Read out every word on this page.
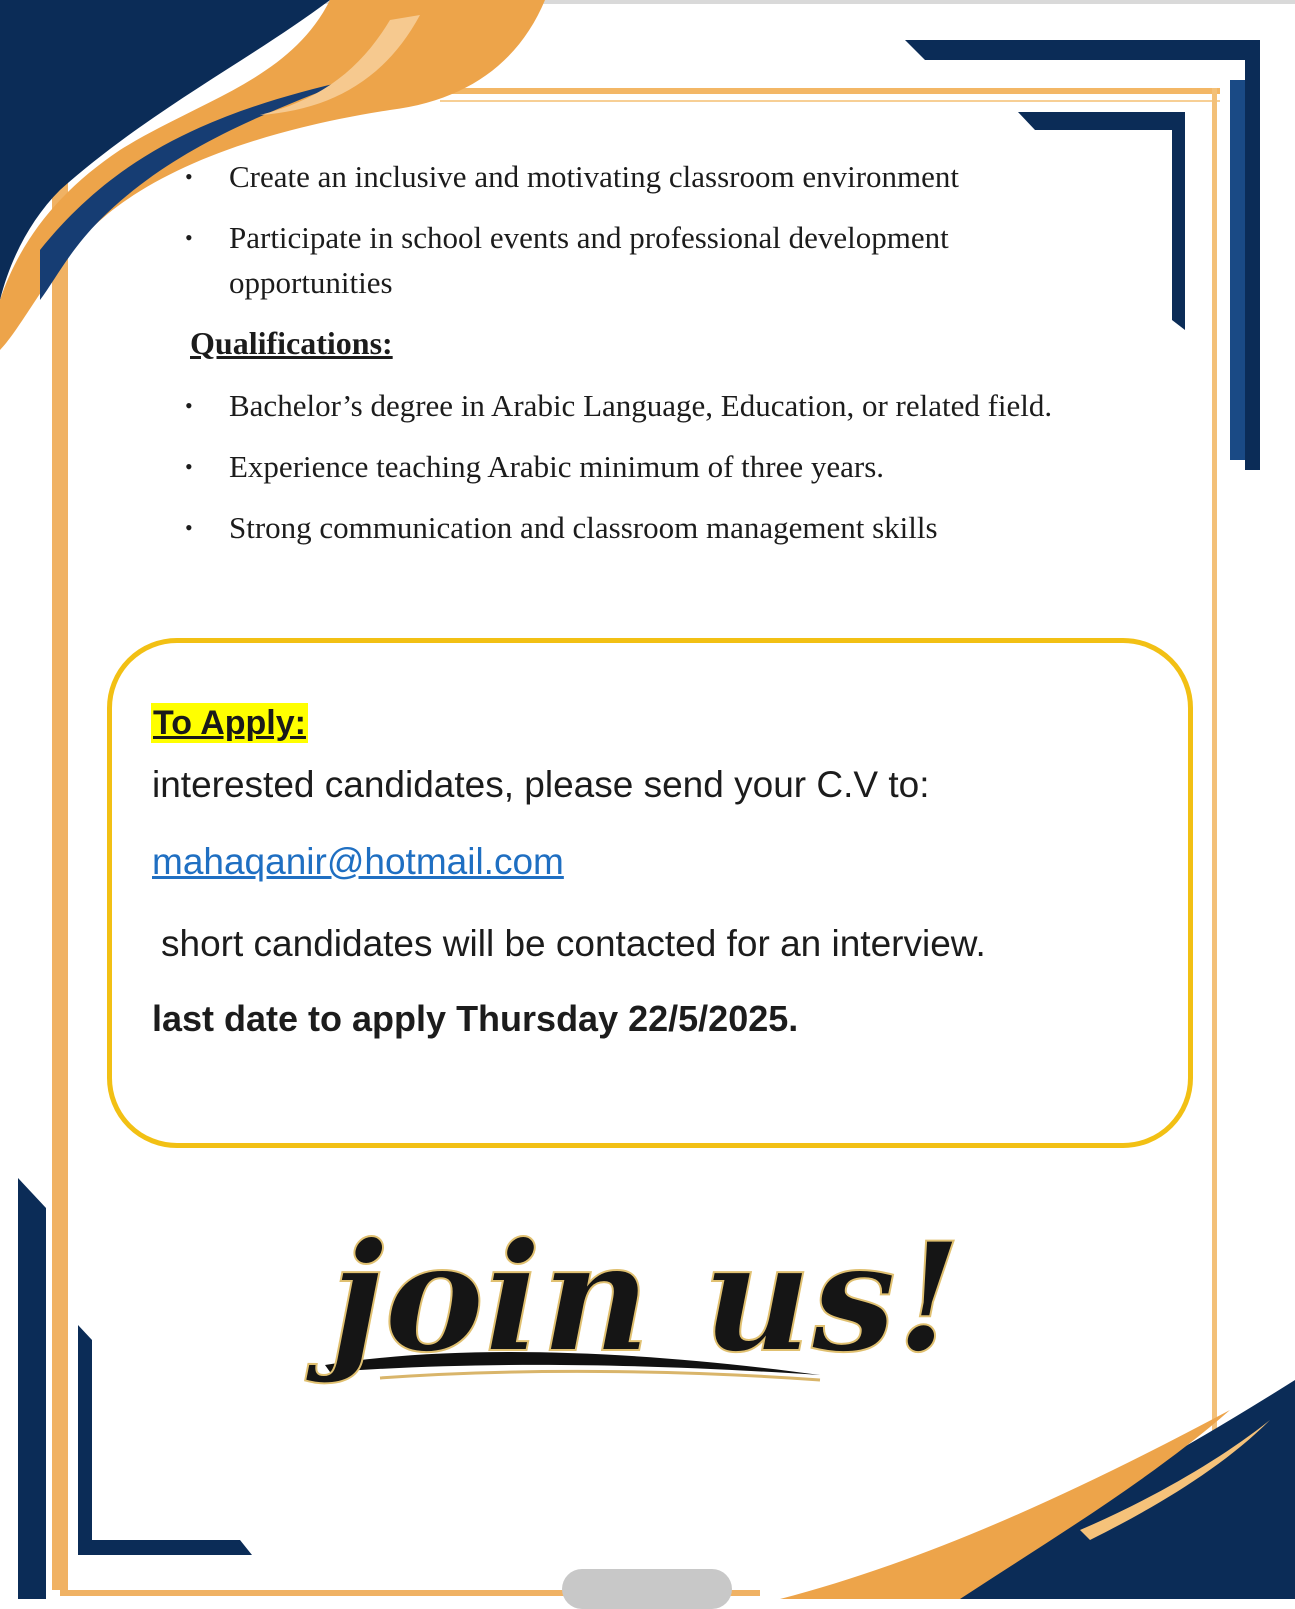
• Create an inclusive and motivating classroom environment
• Participate in school events and professional development opportunities
Qualifications:
• Bachelor’s degree in Arabic Language, Education, or related field.
• Experience teaching Arabic minimum of three years.
• Strong communication and classroom management skills
To Apply:

interested candidates, please send your C.V to:

mahaqanir@hotmail.com

short candidates will be contacted for an interview.

last date to apply Thursday 22/5/2025.

join us!
